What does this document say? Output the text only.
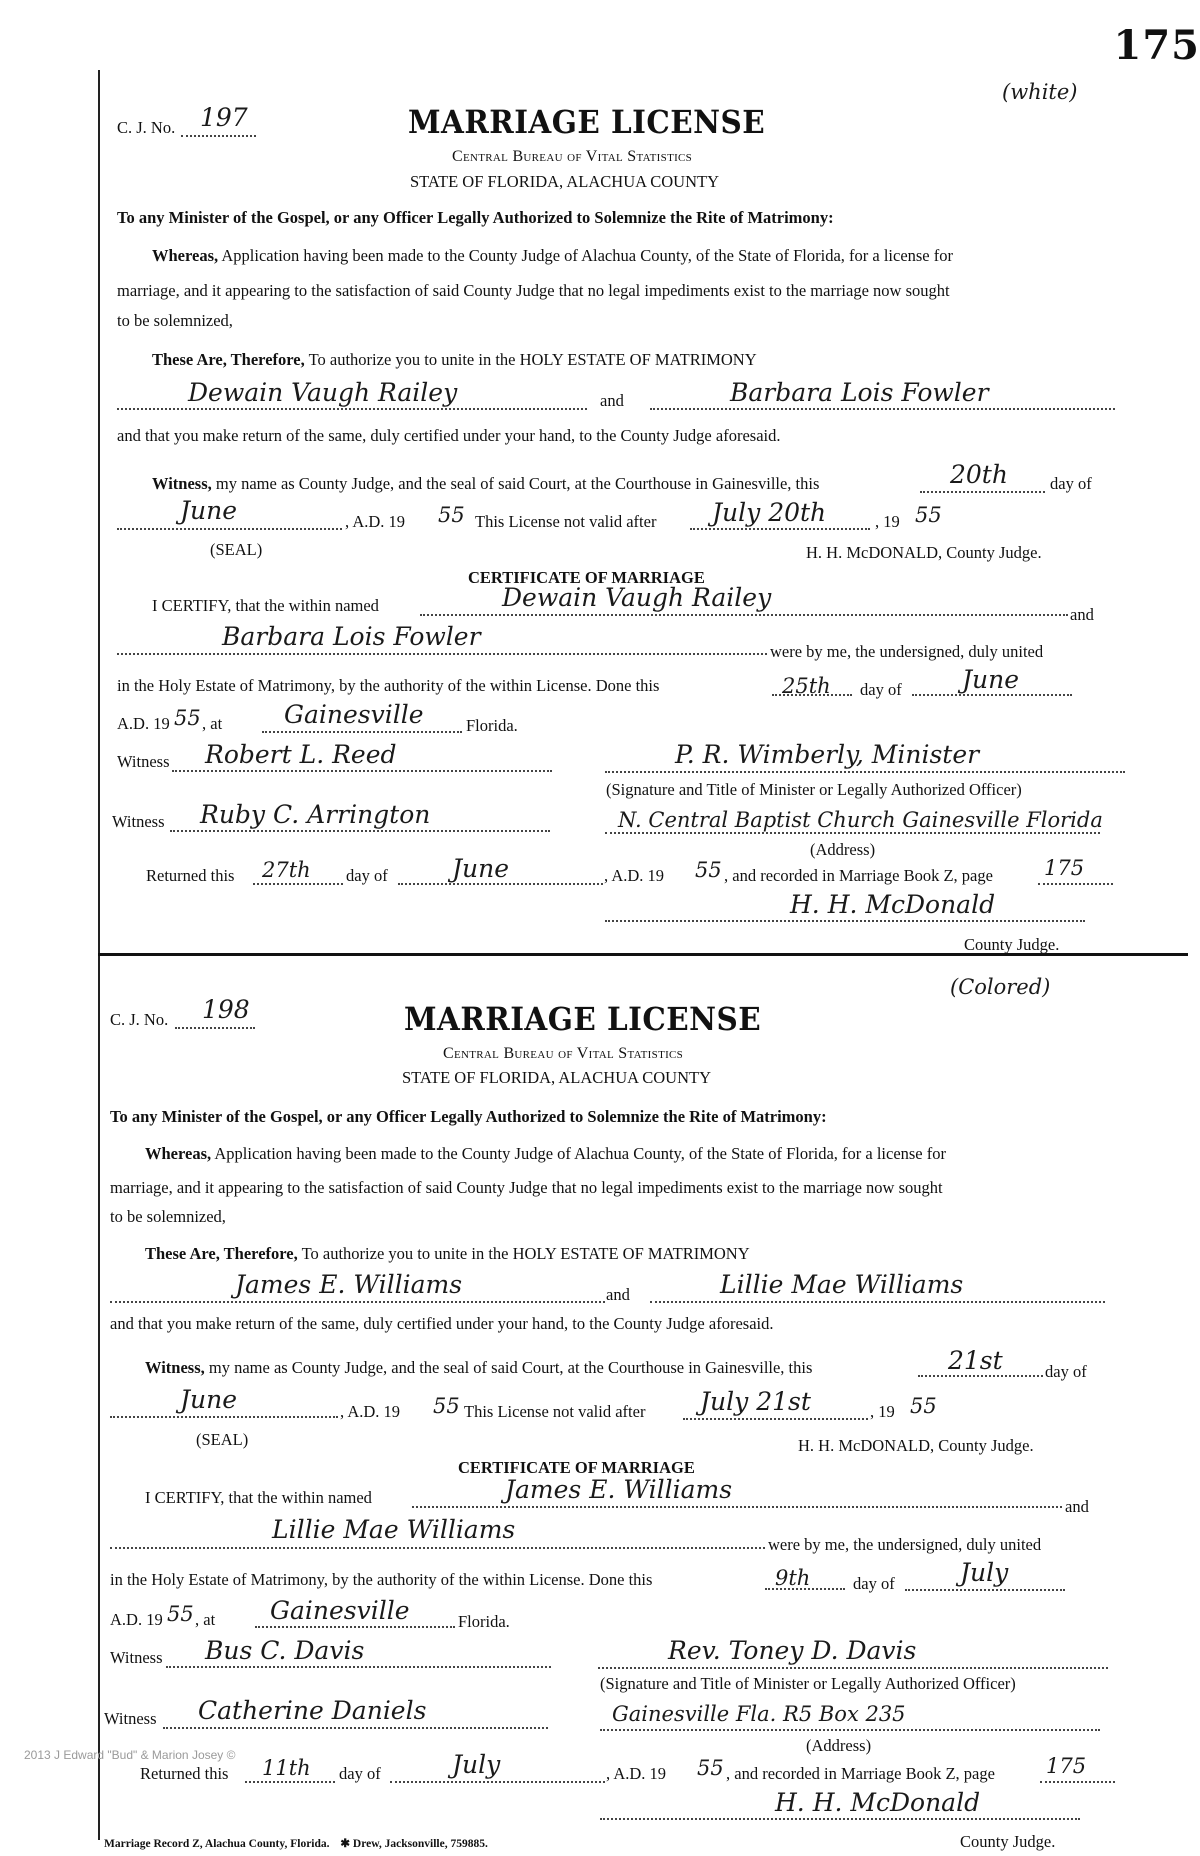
175
C. J. No. 197
(white)
MARRIAGE LICENSE
Central Bureau of Vital Statistics
STATE OF FLORIDA, ALACHUA COUNTY
To any Minister of the Gospel, or any Officer Legally Authorized to Solemnize the Rite of Matrimony:
Whereas, Application having been made to the County Judge of Alachua County, of the State of Florida, for a license for
marriage, and it appearing to the satisfaction of said County Judge that no legal impediments exist to the marriage now sought
to be solemnized,
These Are, Therefore, To authorize you to unite in the HOLY ESTATE OF MATRIMONY
Dewain Vaugh Railey	and	Barbara Lois Fowler
and that you make return of the same, duly certified under your hand, to the County Judge aforesaid.
Witness, my name as County Judge, and the seal of said Court, at the Courthouse in Gainesville, this	20th	day of
June	, A.D. 19 55 This License not valid after July 20th	, 19 55
(SEAL)	H. H. McDONALD, County Judge.
CERTIFICATE OF MARRIAGE
I CERTIFY, that the within named	Dewain Vaugh Railey
and
Barbara Lois Fowler
were by me, the undersigned, duly united
in the Holy Estate of Matrimony, by the authority of the within License. Done this	25th day of June
A.D. 19 55 , at Gainesville	Florida.
Witness Robert L. Reed	P. R. Wimberly, Minister
(Signature and Title of Minister or Legally Authorized Officer)
Witness Ruby C. Arrington	N. Central Baptist Church Gainesville Florida
(Address)
Returned this 27th day of	June	, A.D. 19 55 , and recorded in Marriage Book Z, page 175
H. H. McDonald
County Judge.
C. J. No. 198
(Colored)
MARRIAGE LICENSE
Central Bureau of Vital Statistics
STATE OF FLORIDA, ALACHUA COUNTY
To any Minister of the Gospel, or any Officer Legally Authorized to Solemnize the Rite of Matrimony:
Whereas, Application having been made to the County Judge of Alachua County, of the State of Florida, for a license for
marriage, and it appearing to the satisfaction of said County Judge that no legal impediments exist to the marriage now sought
to be solemnized,
These Are, Therefore, To authorize you to unite in the HOLY ESTATE OF MATRIMONY
James E. Williams	and	Lillie Mae Williams
and that you make return of the same, duly certified under your hand, to the County Judge aforesaid.
Witness, my name as County Judge, and the seal of said Court, at the Courthouse in Gainesville, this	21st	day of
June	, A.D. 19 55 This License not valid after July 21st	, 19 55
(SEAL)	H. H. McDONALD, County Judge.
CERTIFICATE OF MARRIAGE
I CERTIFY, that the within named	James E. Williams
and
Lillie Mae Williams
were by me, the undersigned, duly united
in the Holy Estate of Matrimony, by the authority of the within License. Done this	9th	day of	July
A.D. 19 55 , at Gainesville	Florida.
Witness Bus C. Davis	Rev. Toney D. Davis
(Signature and Title of Minister or Legally Authorized Officer)
Witness Catherine Daniels	Gainesville Fla. R5 Box 235
(Address)
Returned this 11th day of	July	, A.D. 19 55 , and recorded in Marriage Book Z, page 175
H. H. McDonald
County Judge.
2013 J Edward "Bud" & Marion Josey ©
Marriage Record Z, Alachua County, Florida. ✱ Drew, Jacksonville, 759885.
